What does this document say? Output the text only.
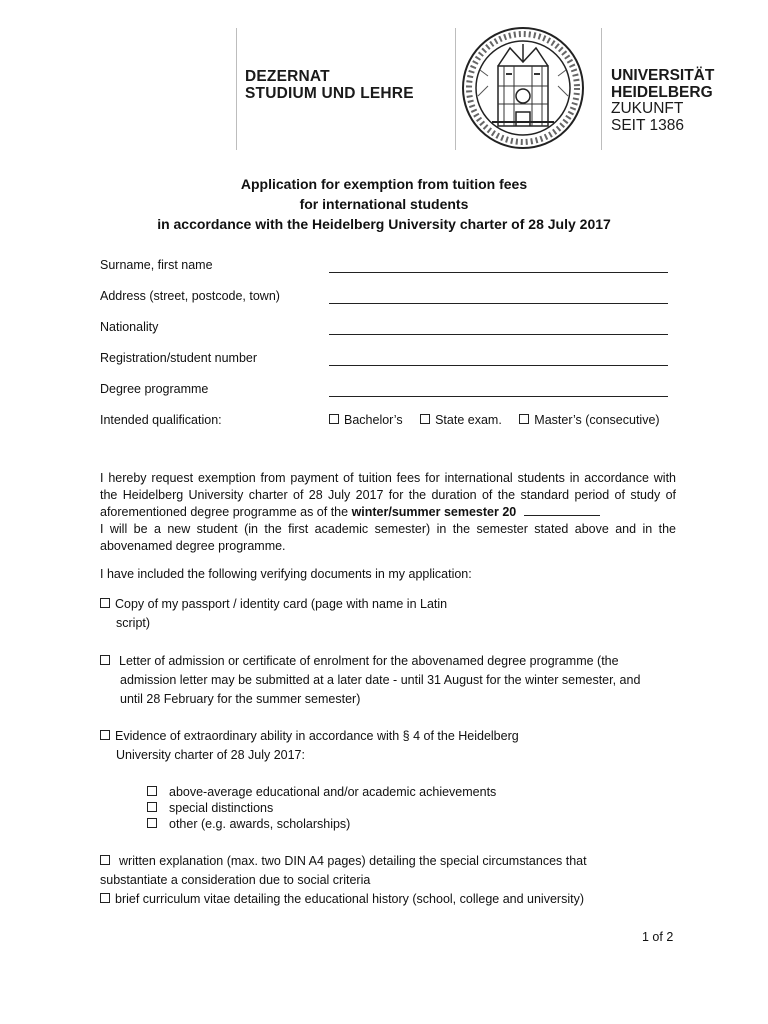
DEZERNAT
STUDIUM UND LEHRE
UNIVERSITÄT
HEIDELBERG
ZUKUNFT
SEIT 1386
Application for exemption from tuition fees
for international students
in accordance with the Heidelberg University charter of 28 July 2017
Surname, first name
Address (street, postcode, town)
Nationality
Registration/student number
Degree programme
Intended qualification:	Bachelor’s	State exam.	Master’s (consecutive)

I hereby request exemption from payment of tuition fees for international students in accordance with the Heidelberg University charter of 28 July 2017 for the duration of the standard period of study of aforementioned degree programme as of the winter/summer semester 20

I will be a new student (in the first academic semester) in the semester stated above and in the abovenamed degree programme.

I have included the following verifying documents in my application:
Copy of my passport / identity card (page with name in Latin
script)
Letter of admission or certificate of enrolment for the abovenamed degree programme (the
admission letter may be submitted at a later date - until 31 August for the winter semester, and
until 28 February for the summer semester)
Evidence of extraordinary ability in accordance with § 4 of the Heidelberg
University charter of 28 July 2017:
above-average educational and/or academic achievements
special distinctions
other (e.g. awards, scholarships)
written explanation (max. two DIN A4 pages) detailing the special circumstances that
substantiate a consideration due to social criteria
brief curriculum vitae detailing the educational history (school, college and university)
1 of 2
